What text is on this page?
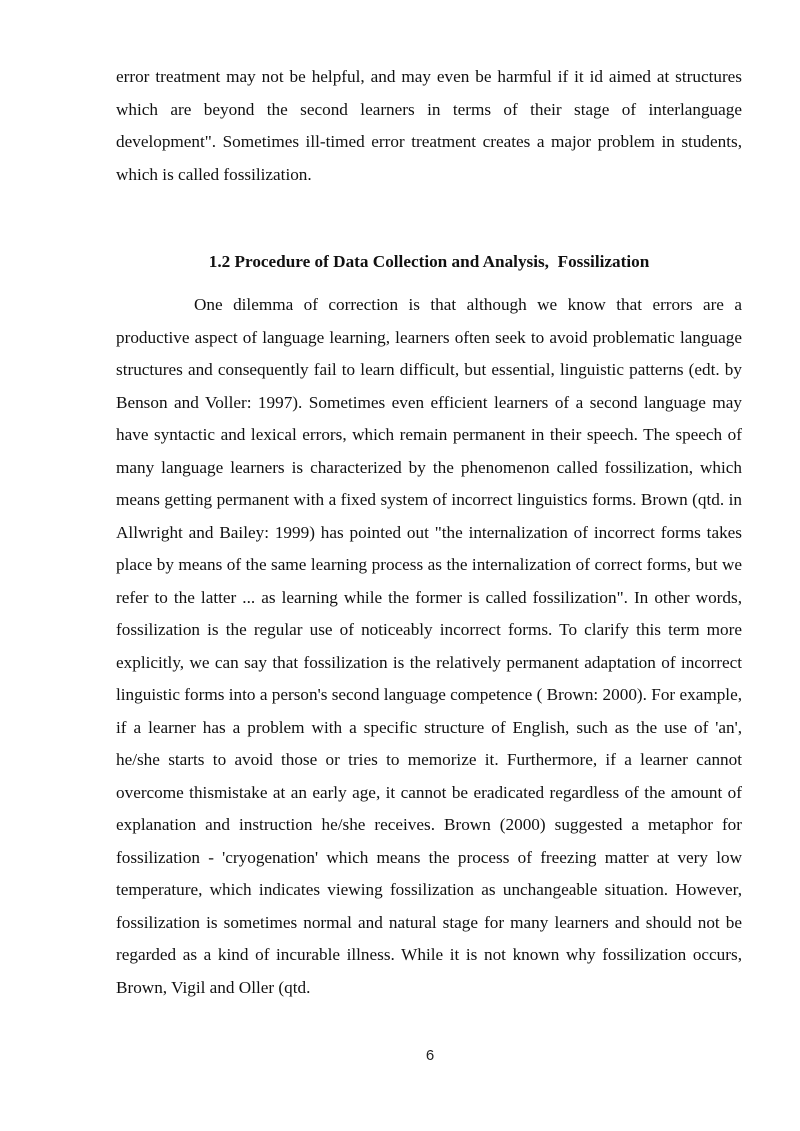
error treatment may not be helpful, and may even be harmful if it id aimed at structures which are beyond the second learners in terms of their stage of interlanguage development". Sometimes ill-timed error treatment creates a major problem in students, which is called fossilization.

1.2 Procedure of Data Collection and Analysis,  Fossilization

One dilemma of correction is that although we know that errors are a productive aspect of language learning, learners often seek to avoid problematic language structures and consequently fail to learn difficult, but essential, linguistic patterns (edt. by Benson and Voller: 1997). Sometimes even efficient learners of a second language may have syntactic and lexical errors, which remain permanent in their speech. The speech of many language learners is characterized by the phenomenon called fossilization, which means getting permanent with a fixed system of incorrect linguistics forms. Brown (qtd. in Allwright and Bailey: 1999) has pointed out "the internalization of incorrect forms takes place by means of the same learning process as the internalization of correct forms, but we refer to the latter ... as learning while the former is called fossilization". In other words, fossilization is the regular use of noticeably incorrect forms. To clarify this term more explicitly, we can say that fossilization is the relatively permanent adaptation of incorrect linguistic forms into a person's second language competence ( Brown: 2000). For example, if a learner has a problem with a specific structure of English, such as the use of 'an', he/she starts to avoid those or tries to memorize it. Furthermore, if a learner cannot overcome thismistake at an early age, it cannot be eradicated regardless of the amount of explanation and instruction he/she receives. Brown (2000) suggested a metaphor for fossilization - 'cryogenation' which means the process of freezing matter at very low temperature, which indicates viewing fossilization as unchangeable situation. However, fossilization is sometimes normal and natural stage for many learners and should not be regarded as a kind of incurable illness. While it is not known why fossilization occurs, Brown, Vigil and Oller (qtd.

6
